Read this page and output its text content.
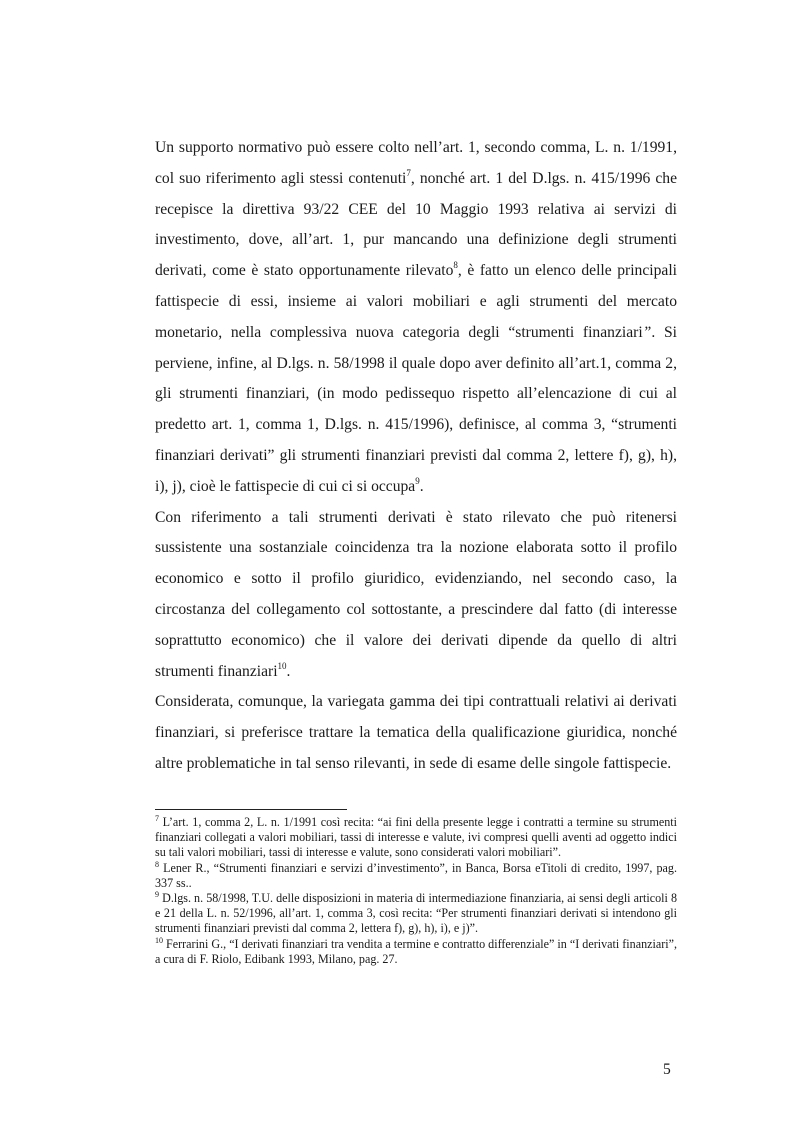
Un supporto normativo può essere colto nell’art. 1, secondo comma, L. n. 1/1991, col suo riferimento agli stessi contenuti$^7$, nonché art. 1 del D.lgs. n. 415/1996 che recepisce la direttiva 93/22 CEE del 10 Maggio 1993 relativa ai servizi di investimento, dove, all’art. 1, pur mancando una definizione degli strumenti derivati, come è stato opportunamente rilevato$^8$, è fatto un elenco delle principali fattispecie di essi, insieme ai valori mobiliari e agli strumenti del mercato monetario, nella complessiva nuova categoria degli “strumenti finanziari”. Si perviene, infine, al D.lgs. n. 58/1998 il quale dopo aver definito all’art.1, comma 2, gli strumenti finanziari, (in modo pedissequo rispetto all’elencazione di cui al predetto art. 1, comma 1, D.lgs. n. 415/1996), definisce, al comma 3, “strumenti finanziari derivati” gli strumenti finanziari previsti dal comma 2, lettere f), g), h), i), j), cioè le fattispecie di cui ci si occupa$^9$.

Con riferimento a tali strumenti derivati è stato rilevato che può ritenersi sussistente una sostanziale coincidenza tra la nozione elaborata sotto il profilo economico e sotto il profilo giuridico, evidenziando, nel secondo caso, la circostanza del collegamento col sottostante, a prescindere dal fatto (di interesse soprattutto economico) che il valore dei derivati dipende da quello di altri strumenti finanziari$^{10}$.

Considerata, comunque, la variegata gamma dei tipi contrattuali relativi ai derivati finanziari, si preferisce trattare la tematica della qualificazione giuridica, nonché altre problematiche in tal senso rilevanti, in sede di esame delle singole fattispecie.

$^7$ L’art. 1, comma 2, L. n. 1/1991 così recita: “ai fini della presente legge i contratti a termine su strumenti finanziari collegati a valori mobiliari, tassi di interesse e valute, ivi compresi quelli aventi ad oggetto indici su tali valori mobiliari, tassi di interesse e valute, sono considerati valori mobiliari”.

$^8$ Lener R., “Strumenti finanziari e servizi d’investimento”, in Banca, Borsa eTitoli di credito, 1997, pag. 337 ss..

$^9$ D.lgs. n. 58/1998, T.U. delle disposizioni in materia di intermediazione finanziaria, ai sensi degli articoli 8 e 21 della L. n. 52/1996, all’art. 1, comma 3, così recita: “Per strumenti finanziari derivati si intendono gli strumenti finanziari previsti dal comma 2, lettera f), g), h), i), e j)”.

$^{10}$ Ferrarini G., “I derivati finanziari tra vendita a termine e contratto differenziale” in “I derivati finanziari”, a cura di F. Riolo, Edibank 1993, Milano, pag. 27.

5
